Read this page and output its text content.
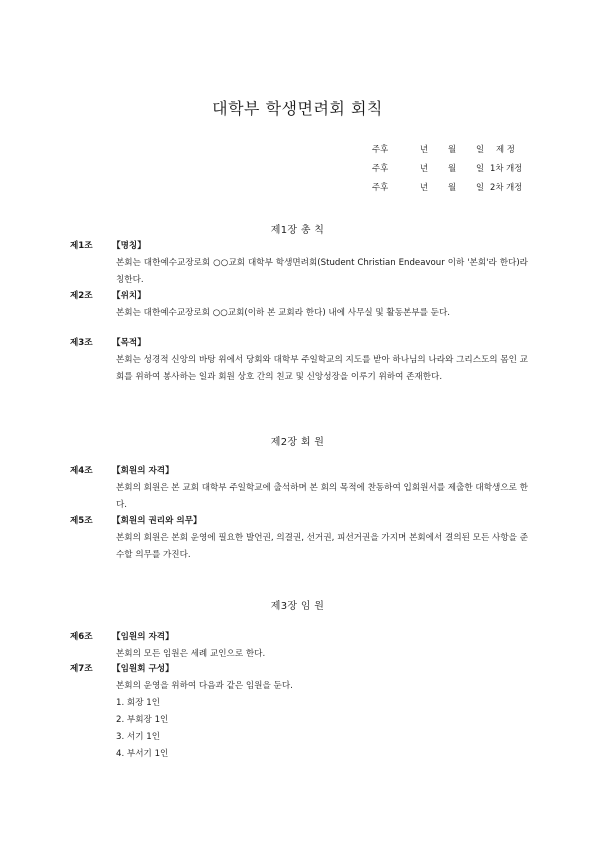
대학부 학생면려회 회칙
주후	년 월 일 제 정
주후	년 월 일 1차 개정
주후	년 월 일 2차 개정
제1장 총 칙
제1조 【명칭】
본회는 대한예수교장로회 ○○교회 대학부 학생면려회(Student Christian Endeavour 이하 '본회'라 한다)라 칭한다.
제2조 【위치】
본회는 대한예수교장로회 ○○교회(이하 본 교회라 한다) 내에 사무실 및 활동본부를 둔다.
제3조 【목적】
본회는 성경적 신앙의 바탕 위에서 당회와 대학부 주일학교의 지도를 받아 하나님의 나라와 그리스도의 몸인 교회를 위하여 봉사하는 일과 회원 상호 간의 친교 및 신앙성장을 이루기 위하여 존재한다.
제2장 회 원
제4조 【회원의 자격】
본회의 회원은 본 교회 대학부 주일학교에 출석하며 본 회의 목적에 찬동하여 입회원서를 제출한 대학생으로 한다.
제5조 【회원의 권리와 의무】
본회의 회원은 본회 운영에 필요한 발언권, 의결권, 선거권, 피선거권을 가지며 본회에서 결의된 모든 사항을 준수할 의무를 가진다.
제3장 임 원
제6조 【임원의 자격】
본회의 모든 임원은 세례 교인으로 한다.
제7조 【임원회 구성】
본회의 운영을 위하여 다음과 같은 임원을 둔다.
1. 회장 1인
2. 부회장 1인
3. 서기 1인
4. 부서기 1인
